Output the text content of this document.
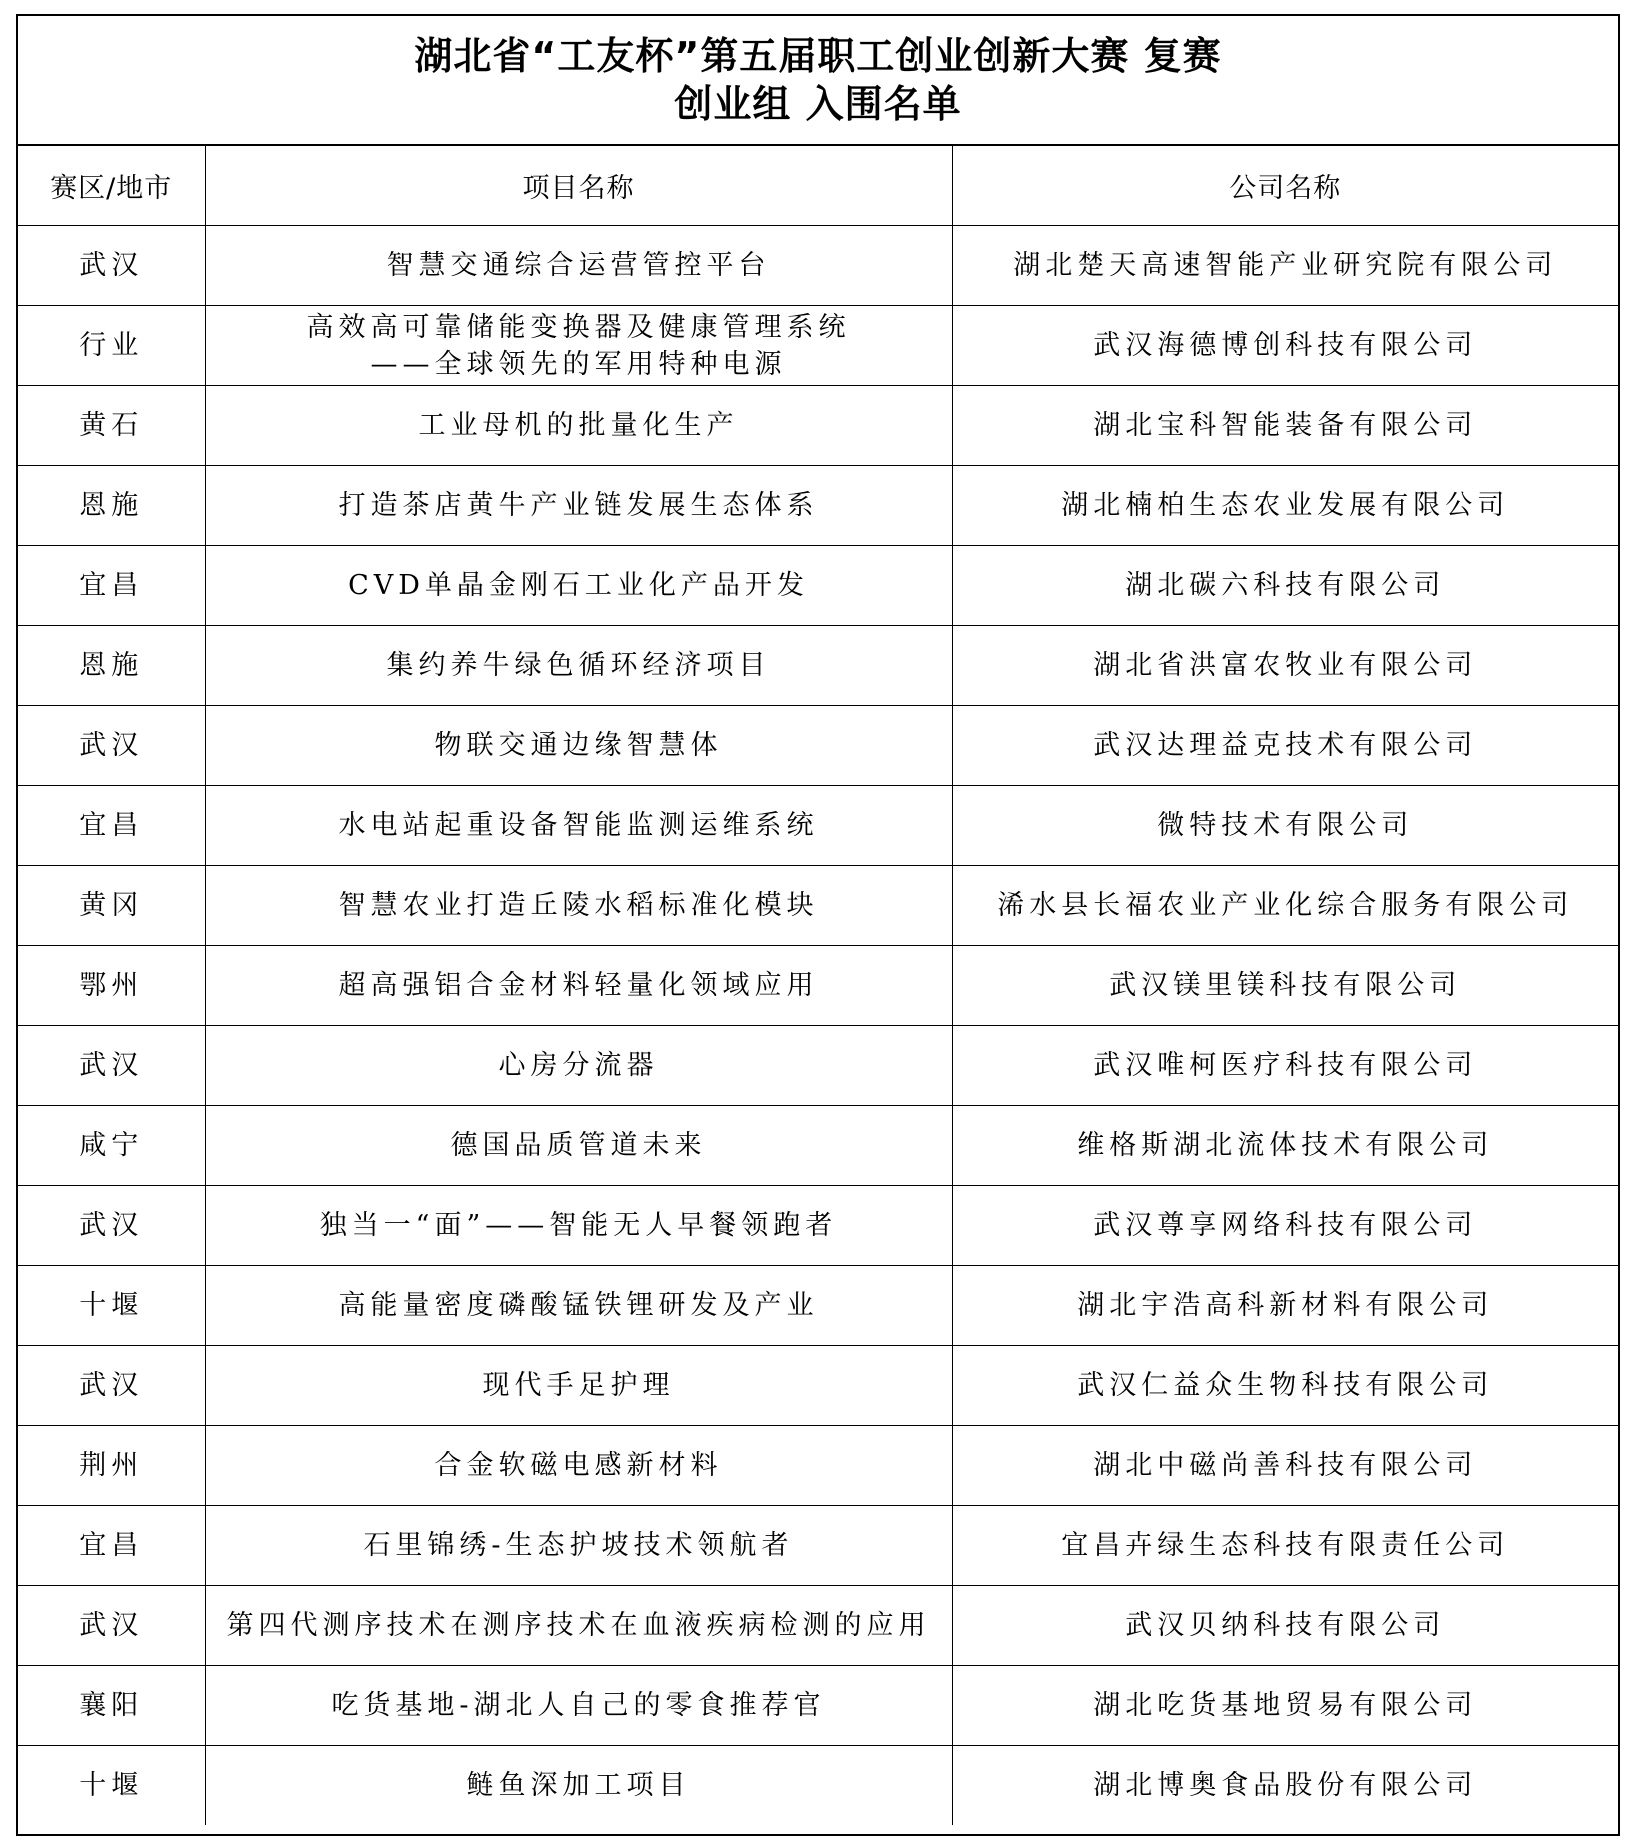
湖北省“工友杯”第五届职工创业创新大赛 复赛
创业组 入围名单
赛区/地市	项目名称	公司名称
武汉	智慧交通综合运营管控平台	湖北楚天高速智能产业研究院有限公司
行业	高效高可靠储能变换器及健康管理系统
——全球领先的军用特种电源	武汉海德博创科技有限公司
黄石	工业母机的批量化生产	湖北宝科智能装备有限公司
恩施	打造茶店黄牛产业链发展生态体系	湖北楠柏生态农业发展有限公司
宜昌	CVD单晶金刚石工业化产品开发	湖北碳六科技有限公司
恩施	集约养牛绿色循环经济项目	湖北省洪富农牧业有限公司
武汉	物联交通边缘智慧体	武汉达理益克技术有限公司
宜昌	水电站起重设备智能监测运维系统	微特技术有限公司
黄冈	智慧农业打造丘陵水稻标准化模块	浠水县长福农业产业化综合服务有限公司
鄂州	超高强铝合金材料轻量化领域应用	武汉镁里镁科技有限公司
武汉	心房分流器	武汉唯柯医疗科技有限公司
咸宁	德国品质管道未来	维格斯湖北流体技术有限公司
武汉	独当一“面”——智能无人早餐领跑者	武汉尊享网络科技有限公司
十堰	高能量密度磷酸锰铁锂研发及产业	湖北宇浩高科新材料有限公司
武汉	现代手足护理	武汉仁益众生物科技有限公司
荆州	合金软磁电感新材料	湖北中磁尚善科技有限公司
宜昌	石里锦绣-生态护坡技术领航者	宜昌卉绿生态科技有限责任公司
武汉	第四代测序技术在测序技术在血液疾病检测的应用	武汉贝纳科技有限公司
襄阳	吃货基地-湖北人自己的零食推荐官	湖北吃货基地贸易有限公司
十堰	鲢鱼深加工项目	湖北博奥食品股份有限公司
